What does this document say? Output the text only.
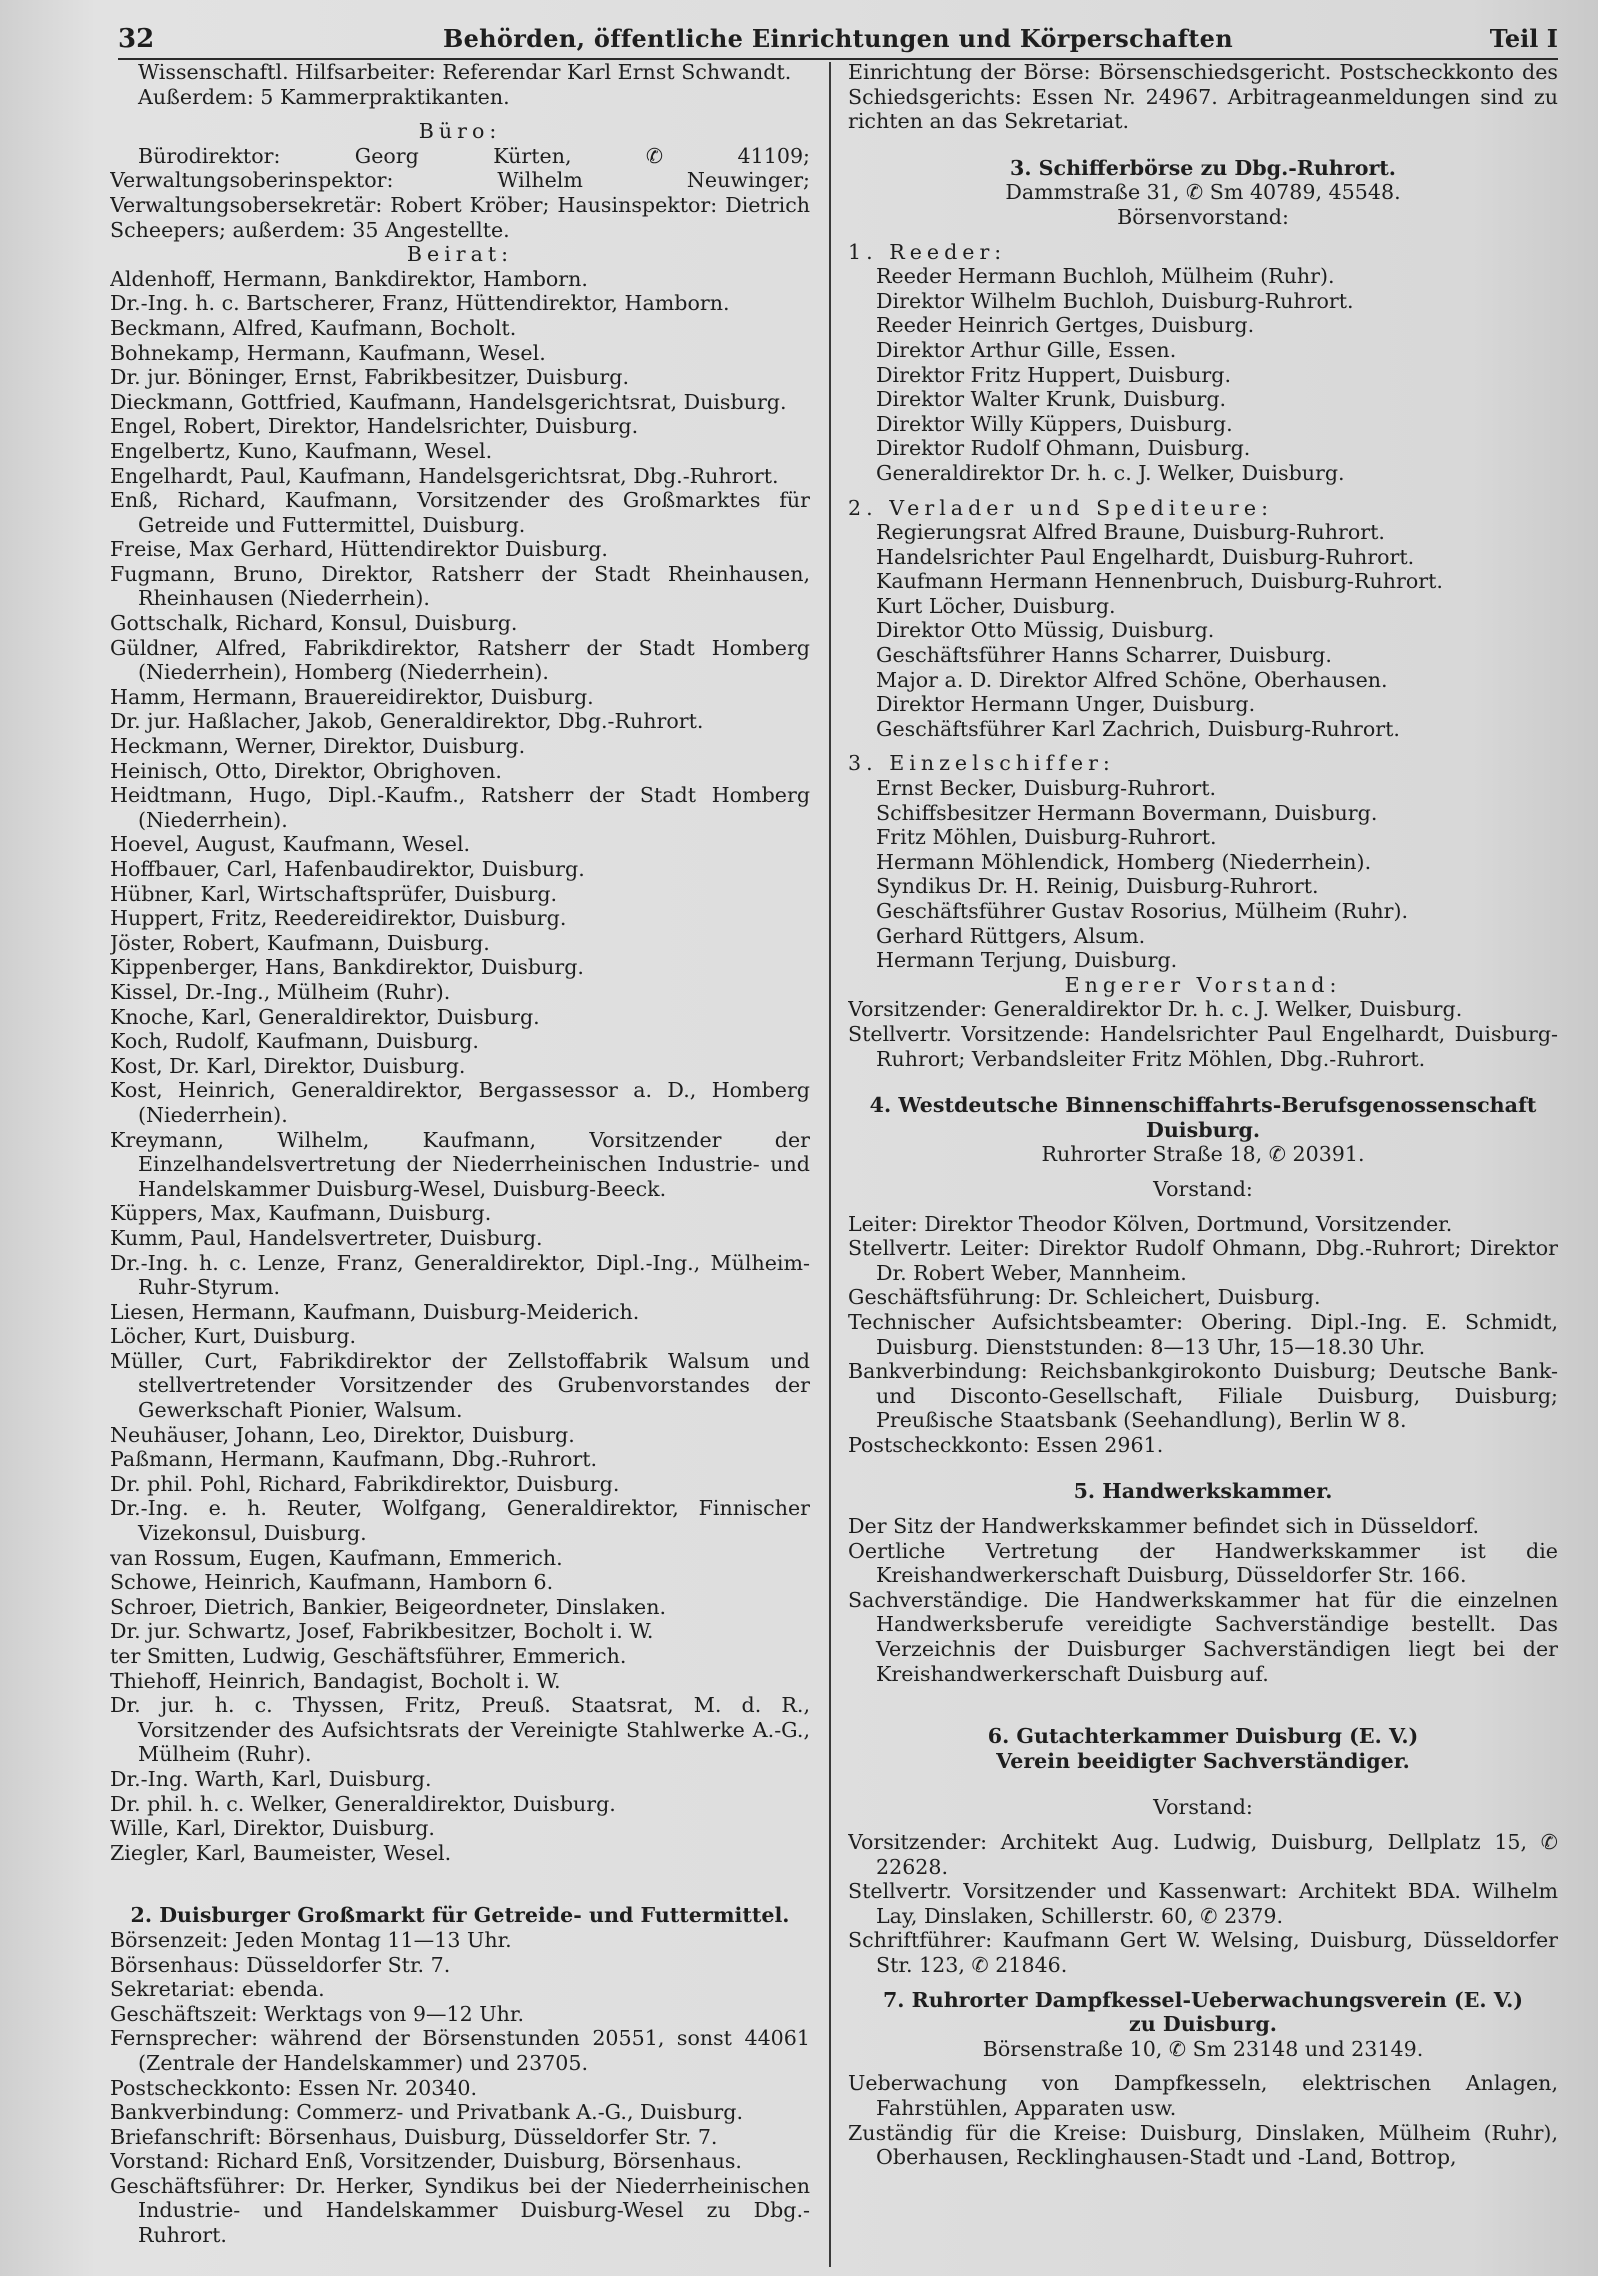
32	Behörden, öffentliche Einrichtungen und Körperschaften	Teil I
Wissenschaftl. Hilfsarbeiter: Referendar Karl Ernst Schwandt.
Außerdem: 5 Kammerpraktikanten.
Büro:
Bürodirektor: Georg Kürten, ✆ 41109; Verwaltungsoberinspektor: Wilhelm Neuwinger; Verwaltungsobersekretär: Robert Kröber; Hausinspektor: Dietrich Scheepers; außerdem: 35 Angestellte.
Beirat:
Aldenhoff, Hermann, Bankdirektor, Hamborn.
Dr.-Ing. h. c. Bartscherer, Franz, Hüttendirektor, Hamborn.
Beckmann, Alfred, Kaufmann, Bocholt.
Bohnekamp, Hermann, Kaufmann, Wesel.
Dr. jur. Böninger, Ernst, Fabrikbesitzer, Duisburg.
Dieckmann, Gottfried, Kaufmann, Handelsgerichtsrat, Duisburg.
Engel, Robert, Direktor, Handelsrichter, Duisburg.
Engelbertz, Kuno, Kaufmann, Wesel.
Engelhardt, Paul, Kaufmann, Handelsgerichtsrat, Dbg.-Ruhrort.
Enß, Richard, Kaufmann, Vorsitzender des Großmarktes für Getreide und Futtermittel, Duisburg.
Freise, Max Gerhard, Hüttendirektor Duisburg.
Fugmann, Bruno, Direktor, Ratsherr der Stadt Rheinhausen, Rheinhausen (Niederrhein).
Gottschalk, Richard, Konsul, Duisburg.
Güldner, Alfred, Fabrikdirektor, Ratsherr der Stadt Homberg (Niederrhein), Homberg (Niederrhein).
Hamm, Hermann, Brauereidirektor, Duisburg.
Dr. jur. Haßlacher, Jakob, Generaldirektor, Dbg.-Ruhrort.
Heckmann, Werner, Direktor, Duisburg.
Heinisch, Otto, Direktor, Obrighoven.
Heidtmann, Hugo, Dipl.-Kaufm., Ratsherr der Stadt Homberg (Niederrhein).
Hoevel, August, Kaufmann, Wesel.
Hoffbauer, Carl, Hafenbaudirektor, Duisburg.
Hübner, Karl, Wirtschaftsprüfer, Duisburg.
Huppert, Fritz, Reedereidirektor, Duisburg.
Jöster, Robert, Kaufmann, Duisburg.
Kippenberger, Hans, Bankdirektor, Duisburg.
Kissel, Dr.-Ing., Mülheim (Ruhr).
Knoche, Karl, Generaldirektor, Duisburg.
Koch, Rudolf, Kaufmann, Duisburg.
Kost, Dr. Karl, Direktor, Duisburg.
Kost, Heinrich, Generaldirektor, Bergassessor a. D., Homberg (Niederrhein).
Kreymann, Wilhelm, Kaufmann, Vorsitzender der Einzelhandelsvertretung der Niederrheinischen Industrie- und Handelskammer Duisburg-Wesel, Duisburg-Beeck.
Küppers, Max, Kaufmann, Duisburg.
Kumm, Paul, Handelsvertreter, Duisburg.
Dr.-Ing. h. c. Lenze, Franz, Generaldirektor, Dipl.-Ing., Mülheim-Ruhr-Styrum.
Liesen, Hermann, Kaufmann, Duisburg-Meiderich.
Löcher, Kurt, Duisburg.
Müller, Curt, Fabrikdirektor der Zellstoffabrik Walsum und stellvertretender Vorsitzender des Grubenvorstandes der Gewerkschaft Pionier, Walsum.
Neuhäuser, Johann, Leo, Direktor, Duisburg.
Paßmann, Hermann, Kaufmann, Dbg.-Ruhrort.
Dr. phil. Pohl, Richard, Fabrikdirektor, Duisburg.
Dr.-Ing. e. h. Reuter, Wolfgang, Generaldirektor, Finnischer Vizekonsul, Duisburg.
van Rossum, Eugen, Kaufmann, Emmerich.
Schowe, Heinrich, Kaufmann, Hamborn 6.
Schroer, Dietrich, Bankier, Beigeordneter, Dinslaken.
Dr. jur. Schwartz, Josef, Fabrikbesitzer, Bocholt i. W.
ter Smitten, Ludwig, Geschäftsführer, Emmerich.
Thiehoff, Heinrich, Bandagist, Bocholt i. W.
Dr. jur. h. c. Thyssen, Fritz, Preuß. Staatsrat, M. d. R., Vorsitzender des Aufsichtsrats der Vereinigte Stahlwerke A.-G., Mülheim (Ruhr).
Dr.-Ing. Warth, Karl, Duisburg.
Dr. phil. h. c. Welker, Generaldirektor, Duisburg.
Wille, Karl, Direktor, Duisburg.
Ziegler, Karl, Baumeister, Wesel.
2. Duisburger Großmarkt für Getreide- und Futtermittel.
Börsenzeit: Jeden Montag 11—13 Uhr.
Börsenhaus: Düsseldorfer Str. 7.
Sekretariat: ebenda.
Geschäftszeit: Werktags von 9—12 Uhr.
Fernsprecher: während der Börsenstunden 20551, sonst 44061 (Zentrale der Handelskammer) und 23705.
Postscheckkonto: Essen Nr. 20340.
Bankverbindung: Commerz- und Privatbank A.-G., Duisburg.
Briefanschrift: Börsenhaus, Duisburg, Düsseldorfer Str. 7.
Vorstand: Richard Enß, Vorsitzender, Duisburg, Börsenhaus.
Geschäftsführer: Dr. Herker, Syndikus bei der Niederrheinischen Industrie- und Handelskammer Duisburg-Wesel zu Dbg.-Ruhrort.
Einrichtung der Börse: Börsenschiedsgericht. Postscheckkonto des Schiedsgerichts: Essen Nr. 24967. Arbitrageanmeldungen sind zu richten an das Sekretariat.
3. Schifferbörse zu Dbg.-Ruhrort.
Dammstraße 31, ✆ Sm 40789, 45548.
Börsenvorstand:
1. Reeder:
Reeder Hermann Buchloh, Mülheim (Ruhr).
Direktor Wilhelm Buchloh, Duisburg-Ruhrort.
Reeder Heinrich Gertges, Duisburg.
Direktor Arthur Gille, Essen.
Direktor Fritz Huppert, Duisburg.
Direktor Walter Krunk, Duisburg.
Direktor Willy Küppers, Duisburg.
Direktor Rudolf Ohmann, Duisburg.
Generaldirektor Dr. h. c. J. Welker, Duisburg.
2. Verlader und Spediteure:
Regierungsrat Alfred Braune, Duisburg-Ruhrort.
Handelsrichter Paul Engelhardt, Duisburg-Ruhrort.
Kaufmann Hermann Hennenbruch, Duisburg-Ruhrort.
Kurt Löcher, Duisburg.
Direktor Otto Müssig, Duisburg.
Geschäftsführer Hanns Scharrer, Duisburg.
Major a. D. Direktor Alfred Schöne, Oberhausen.
Direktor Hermann Unger, Duisburg.
Geschäftsführer Karl Zachrich, Duisburg-Ruhrort.
3. Einzelschiffer:
Ernst Becker, Duisburg-Ruhrort.
Schiffsbesitzer Hermann Bovermann, Duisburg.
Fritz Möhlen, Duisburg-Ruhrort.
Hermann Möhlendick, Homberg (Niederrhein).
Syndikus Dr. H. Reinig, Duisburg-Ruhrort.
Geschäftsführer Gustav Rosorius, Mülheim (Ruhr).
Gerhard Rüttgers, Alsum.
Hermann Terjung, Duisburg.
Engerer Vorstand:
Vorsitzender: Generaldirektor Dr. h. c. J. Welker, Duisburg.
Stellvertr. Vorsitzende: Handelsrichter Paul Engelhardt, Duisburg-Ruhrort; Verbandsleiter Fritz Möhlen, Dbg.-Ruhrort.
4. Westdeutsche Binnenschiffahrts-Berufsgenossenschaft Duisburg.
Ruhrorter Straße 18, ✆ 20391.
Vorstand:
Leiter: Direktor Theodor Kölven, Dortmund, Vorsitzender.
Stellvertr. Leiter: Direktor Rudolf Ohmann, Dbg.-Ruhrort; Direktor Dr. Robert Weber, Mannheim.
Geschäftsführung: Dr. Schleichert, Duisburg.
Technischer Aufsichtsbeamter: Obering. Dipl.-Ing. E. Schmidt, Duisburg. Dienststunden: 8—13 Uhr, 15—18.30 Uhr.
Bankverbindung: Reichsbankgirokonto Duisburg; Deutsche Bank- und Disconto-Gesellschaft, Filiale Duisburg, Duisburg; Preußische Staatsbank (Seehandlung), Berlin W 8.
Postscheckkonto: Essen 2961.
5. Handwerkskammer.
Der Sitz der Handwerkskammer befindet sich in Düsseldorf.
Oertliche Vertretung der Handwerkskammer ist die Kreishandwerkerschaft Duisburg, Düsseldorfer Str. 166.
Sachverständige. Die Handwerkskammer hat für die einzelnen Handwerksberufe vereidigte Sachverständige bestellt. Das Verzeichnis der Duisburger Sachverständigen liegt bei der Kreishandwerkerschaft Duisburg auf.
6. Gutachterkammer Duisburg (E. V.)
Verein beeidigter Sachverständiger.
Vorstand:
Vorsitzender: Architekt Aug. Ludwig, Duisburg, Dellplatz 15, ✆ 22628.
Stellvertr. Vorsitzender und Kassenwart: Architekt BDA. Wilhelm Lay, Dinslaken, Schillerstr. 60, ✆ 2379.
Schriftführer: Kaufmann Gert W. Welsing, Duisburg, Düsseldorfer Str. 123, ✆ 21846.
7. Ruhrorter Dampfkessel-Ueberwachungsverein (E. V.)
zu Duisburg.
Börsenstraße 10, ✆ Sm 23148 und 23149.
Ueberwachung von Dampfkesseln, elektrischen Anlagen, Fahrstühlen, Apparaten usw.
Zuständig für die Kreise: Duisburg, Dinslaken, Mülheim (Ruhr), Oberhausen, Recklinghausen-Stadt und -Land, Bottrop,
